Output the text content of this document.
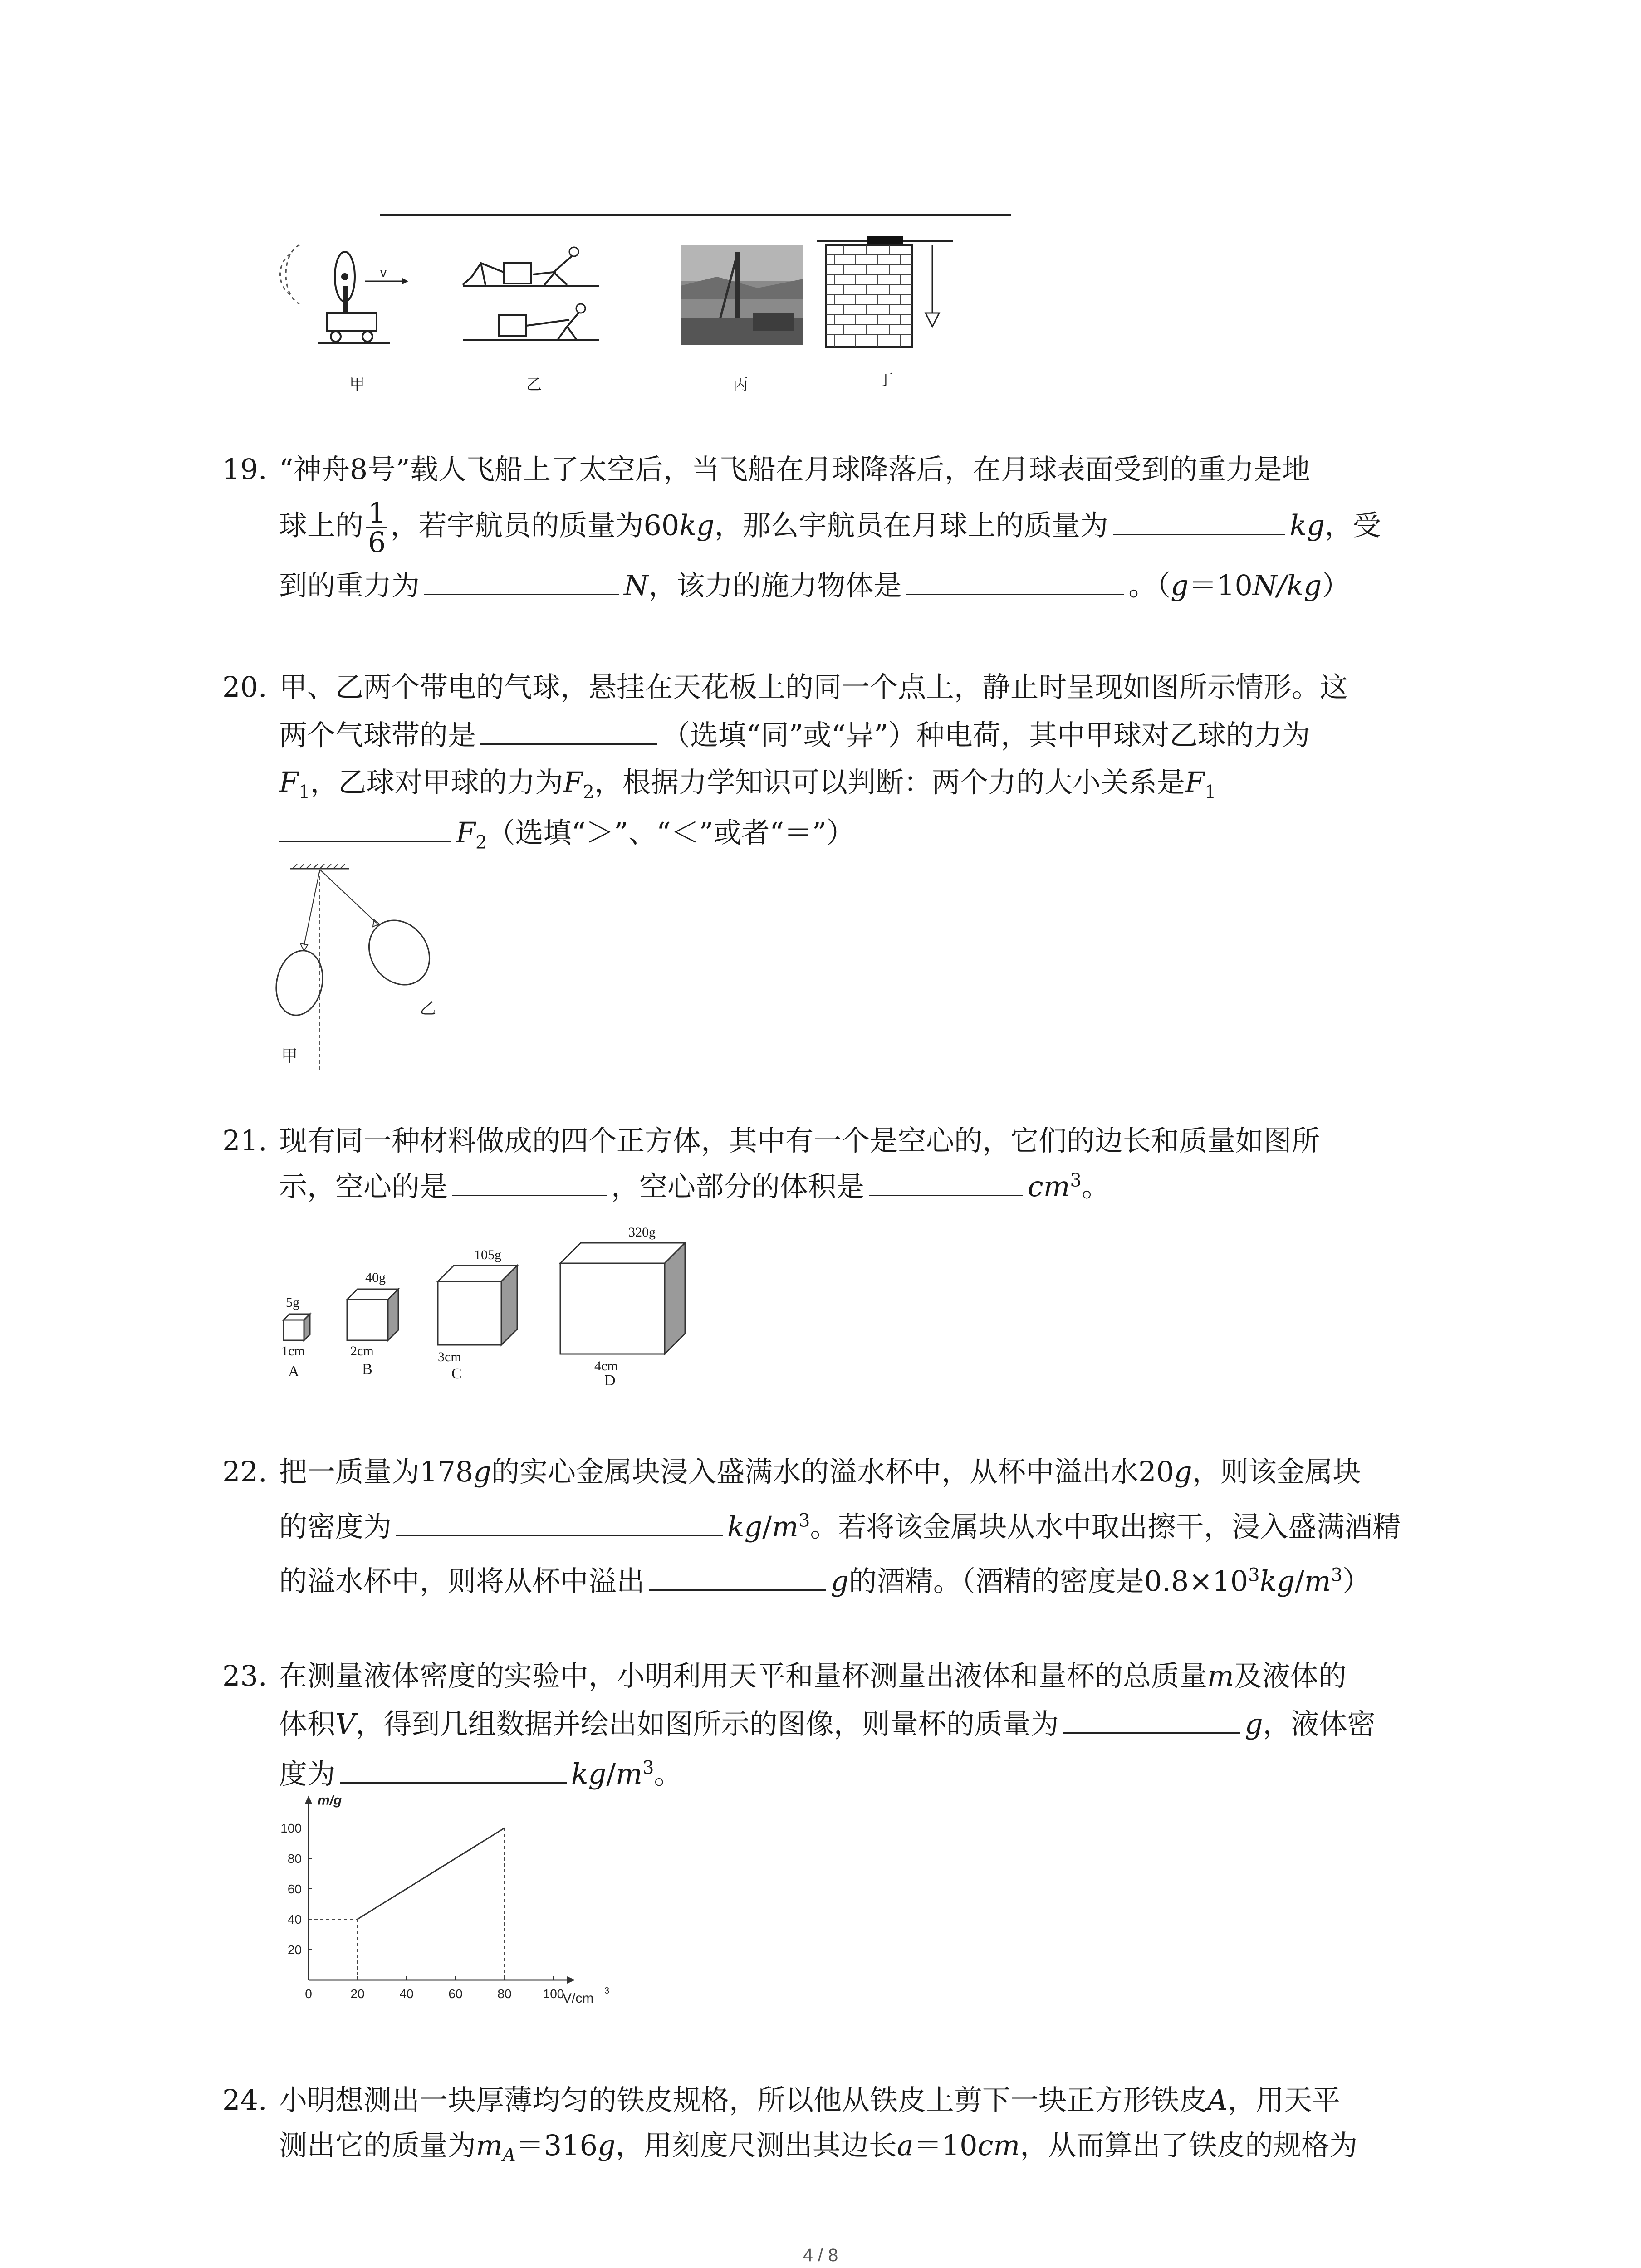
v
甲	乙	丙	丁
19. “神舟8号”载人飞船上了太空后，当飞船在月球降落后，在月球表面受到的重力是地
球上的 $\frac{1}{6}$ ，若宇航员的质量为60kg，那么宇航员在月球上的质量为	kg，受
到的重力为	N，该力的施力物体是	。（g＝10N/kg）
20. 甲、乙两个带电的气球，悬挂在天花板上的同一个点上，静止时呈现如图所示情形。这
两个气球带的是	（选填“同”或“异”）种电荷，其中甲球对乙球的力为
$F_1$，乙球对甲球的力为$F_2$，根据力学知识可以判断：两个力的大小关系是$F_1$
$F_2$（选填“＞”、“＜”或者“＝”）
甲
乙
21. 现有同一种材料做成的四个正方体，其中有一个是空心的，它们的边长和质量如图所
示，空心的是	，空心部分的体积是	$cm^3$。
5g
1cm
A
40g
2cm
B
105g
3cm
C
320g
4cm
D
22. 把一质量为178g的实心金属块浸入盛满水的溢水杯中，从杯中溢出水20g，则该金属块
的密度为	$kg/m^3$。若将该金属块从水中取出擦干，浸入盛满酒精
的溢水杯中，则将从杯中溢出	g的酒精。（酒精的密度是$0.8\times 10^3kg/m^3$）
23. 在测量液体密度的实验中，小明利用天平和量杯测量出液体和量杯的总质量m及液体的
体积V，得到几组数据并绘出如图所示的图像，则量杯的质量为	g，液体密
度为	$kg/m^3$。
0	20	40	60	80 100
20
40
60
80
100
m/g
V/cm 3
24. 小明想测出一块厚薄均匀的铁皮规格，所以他从铁皮上剪下一块正方形铁皮A，用天平
测出它的质量为$m_A=316g$，用刻度尺测出其边长a＝10cm，从而算出了铁皮的规格为
4 / 8
